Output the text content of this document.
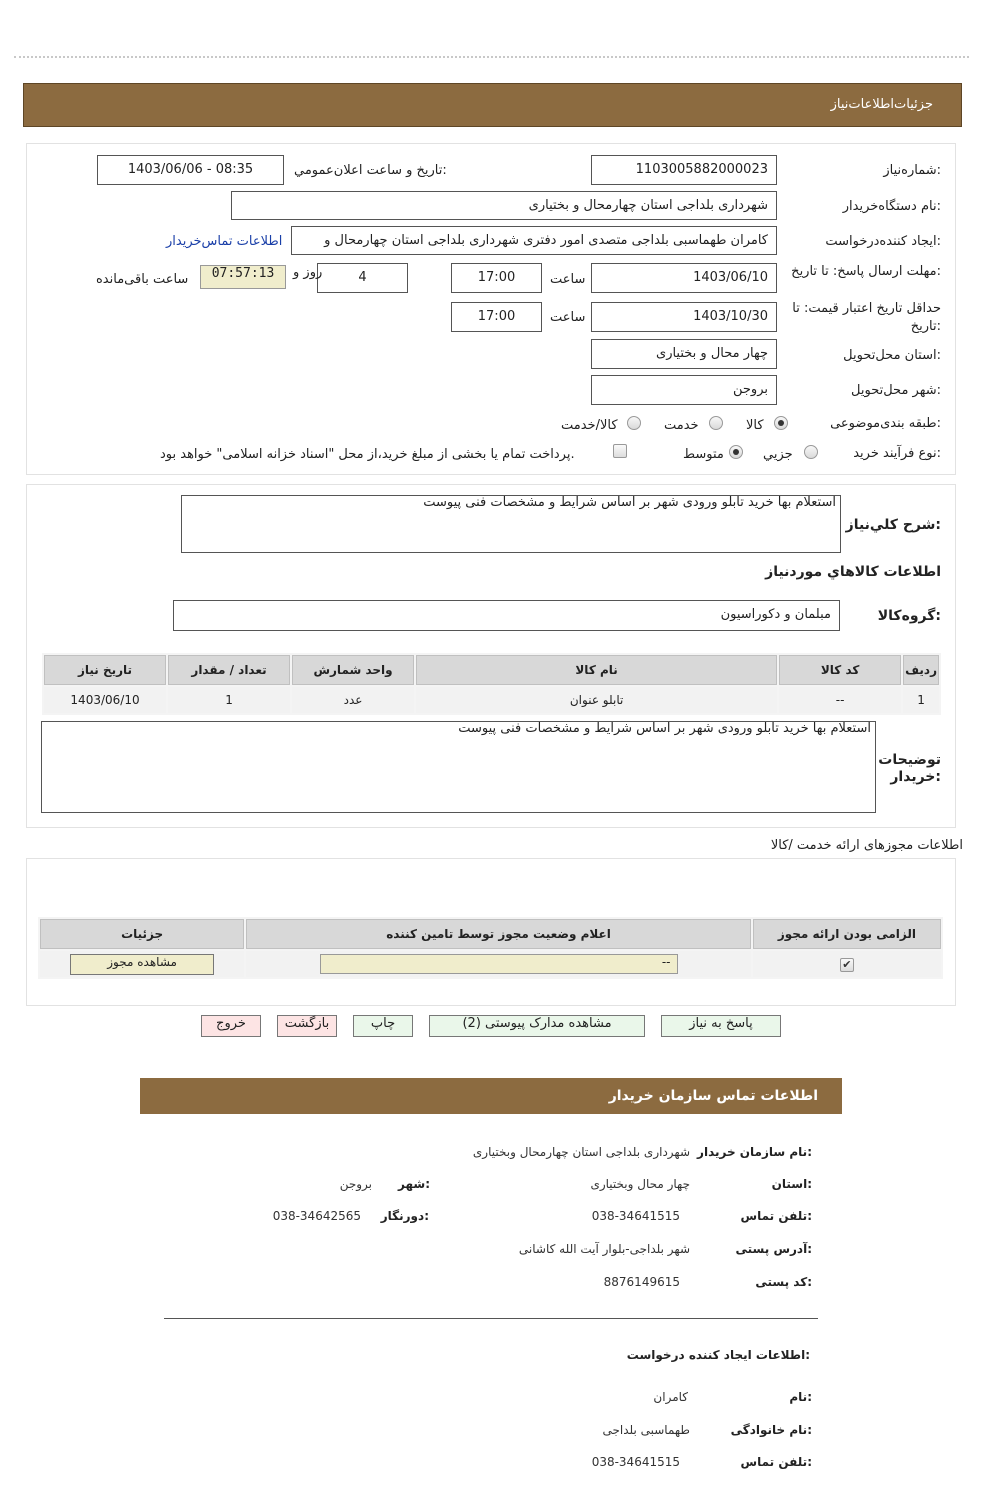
جزئیات‌اطلاعات‌نیاز
شماره‌نیاز:
1103005882000023
تاريخ و ساعت اعلان‌عمومي:
1403/06/06 - 08:35
نام دستگاه‌خريدار:
شهرداری بلداجی استان چهارمحال و بختیاری
ايجاد کننده‌درخواست:
کامران طهماسبی بلداجی متصدی امور دفتری شهرداری بلداجی استان چهارمحال و
اطلاعات تماس‌خریدار
مهلت ارسال پاسخ: تا تاريخ:
1403/06/10
ساعت
17:00
4
روز و
07:57:13
ساعت باقی‌مانده
حداقل تاريخ اعتبار قيمت: تا تاريخ:
1403/10/30
ساعت
17:00
استان محل‌تحويل:
چهار محال و بختیاری
شهر محل‌تحويل:
بروجن
طبقه بندی‌موضوعی:
کالا
خدمت
کالا/خدمت
نوع فرآيند خريد:
جزيي
متوسط
پرداخت تمام يا بخشی از مبلغ خريد،از محل "اسناد خزانه اسلامی" خواهد بود.
شرح کلي‌نياز:
استعلام بها خرید تابلو ورودی شهر بر اساس شرایط و مشخصات فنی پیوست
اطلاعات کالاهاي مورد‌نياز
گروه‌کالا:
مبلمان و دکوراسیون
رديف	کد کالا	نام کالا	واحد شمارش	تعداد / مقدار	تاريخ نياز
1	--	تابلو عنوان	عدد	1	1403/06/10
توضيحات خريدار:
استعلام بها خرید تابلو ورودی شهر بر اساس شرایط و مشخصات فنی پیوست
اطلاعات مجوزهای ارائه خدمت /کالا
الزامی بودن ارائه مجوز	اعلام وضعیت مجوز توسط تامین کننده	جزئیات
✔	--	مشاهده مجوز
پاسخ به نیاز
مشاهده مدارک پیوستی (2)
چاپ
بازگشت
خروج
اطلاعات تماس سازمان خریدار
نام سازمان خریدار:
شهرداری بلداجی استان چهارمحال وبختیاری
استان:
چهار محال وبختیاری
شهر:
بروجن
تلفن تماس:
038-34641515
دورنگار:
038-34642565
آدرس پستی:
شهر بلداجی-بلوار آیت الله کاشانی
کد پستی:
8876149615
اطلاعات ایجاد کننده درخواست:
نام:
کامران
نام خانوادگی:
طهماسبی بلداجی
تلفن تماس:
038-34641515
